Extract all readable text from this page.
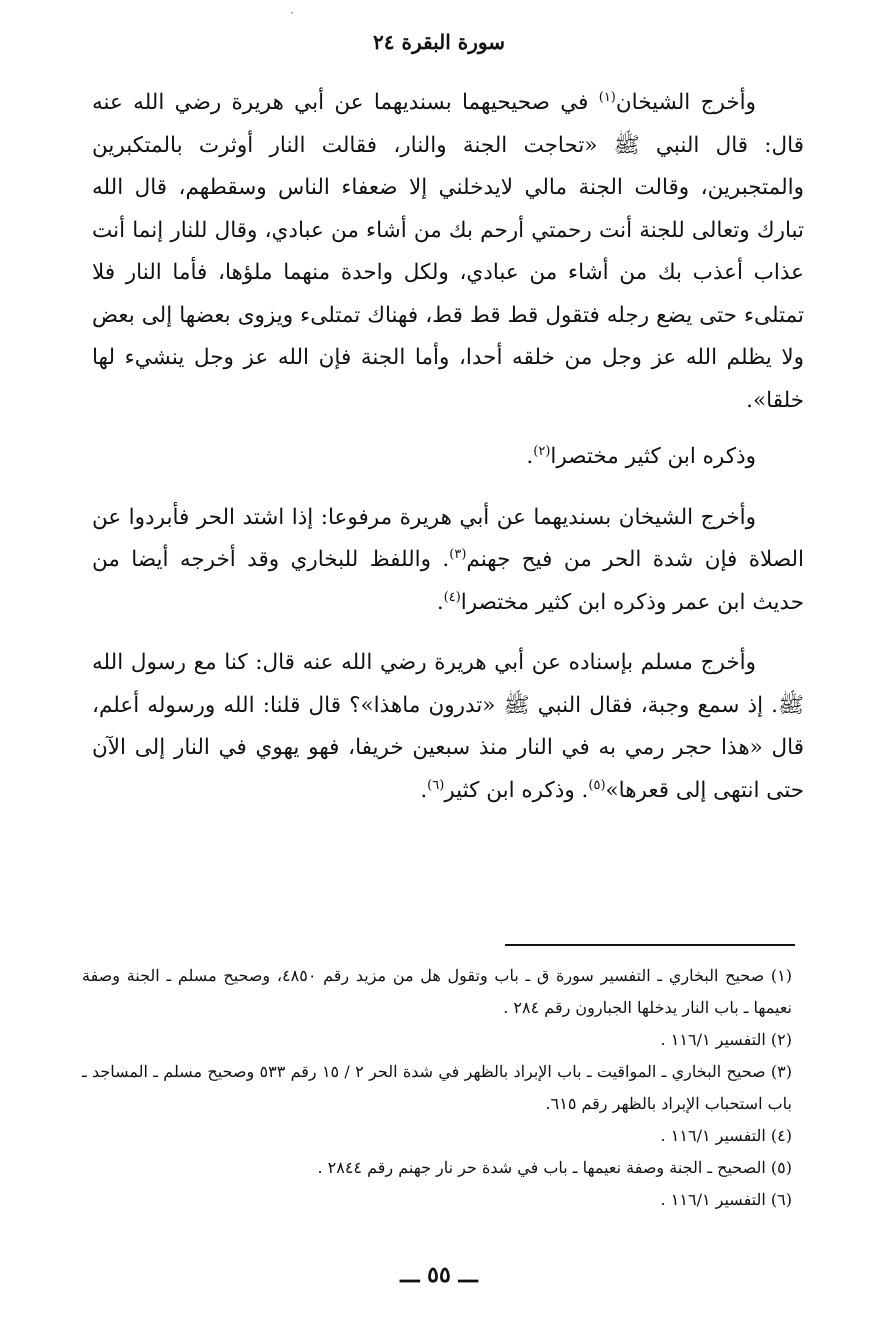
·
سورة البقرة ٢٤

وأخرج الشيخان$^{(١)}$ في صحيحيهما بسنديهما عن أبي هريرة رضي الله عنه قال: قال النبي ﷺ «تحاجت الجنة والنار، فقالت النار أوثرت بالمتكبرين والمتجبرين، وقالت الجنة مالي لايدخلني إلا ضعفاء الناس وسقطهم، قال الله تبارك وتعالى للجنة أنت رحمتي أرحم بك من أشاء من عبادي، وقال للنار إنما أنت عذاب أعذب بك من أشاء من عبادي، ولكل واحدة منهما ملؤها، فأما النار فلا تمتلىء حتى يضع رجله فتقول قط قط قط، فهناك تمتلىء ويزوى بعضها إلى بعض ولا يظلم الله عز وجل من خلقه أحدا، وأما الجنة فإن الله عز وجل ينشيء لها خلقا».

وذكره ابن كثير مختصرا$^{(٢)}$.

وأخرج الشيخان بسنديهما عن أبي هريرة مرفوعا: إذا اشتد الحر فأبردوا عن الصلاة فإن شدة الحر من فيح جهنم$^{(٣)}$. واللفظ للبخاري وقد أخرجه أيضا من حديث ابن عمر وذكره ابن كثير مختصرا$^{(٤)}$.

وأخرج مسلم بإسناده عن أبي هريرة رضي الله عنه قال: كنا مع رسول الله ﷺ. إذ سمع وجبة، فقال النبي ﷺ «تدرون ماهذا»؟ قال قلنا: الله ورسوله أعلم، قال «هذا حجر رمي به في النار منذ سبعين خريفا، فهو يهوي في النار إلى الآن حتى انتهى إلى قعرها»$^{(٥)}$. وذكره ابن كثير$^{(٦)}$.

(١) صحيح البخاري ـ التفسير سورة ق ـ باب وتقول هل من مزيد رقم ٤٨٥٠، وصحيح مسلم ـ الجنة وصفة نعيمها ـ باب النار يدخلها الجبارون رقم ٢٨٤ .
(٢) التفسير ١١٦/١ .
(٣) صحيح البخاري ـ المواقيت ـ باب الإبراد بالظهر في شدة الحر ٢ / ١٥ رقم ٥٣٣ وصحيح مسلم ـ المساجد ـ باب استحباب الإبراد بالظهر رقم ٦١٥.
(٤) التفسير ١١٦/١ .
(٥) الصحيح ـ الجنة وصفة نعيمها ـ باب في شدة حر نار جهنم رقم ٢٨٤٤ .
(٦) التفسير ١١٦/١ .
ـــ ٥٥ ـــ
